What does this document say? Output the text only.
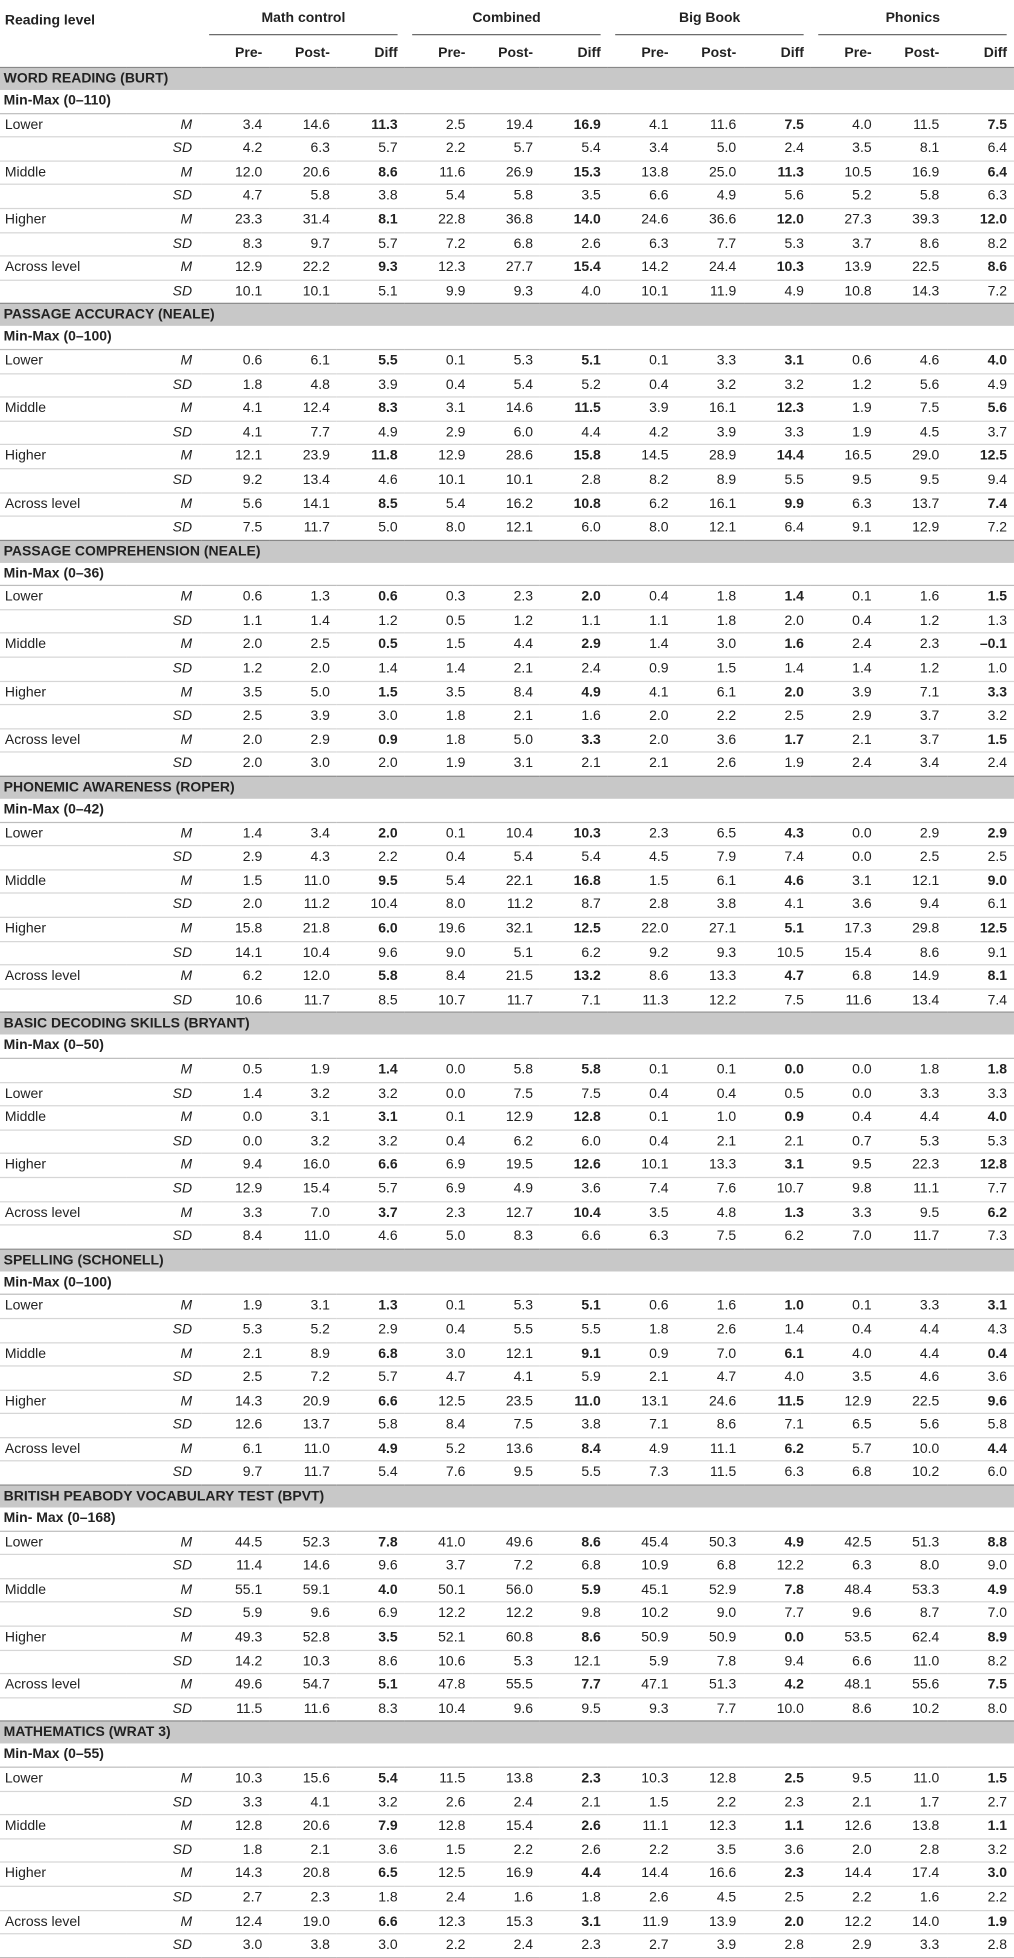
Reading level		Math control			Combined			Big Book			Phonics		

		Pre-	Post-	Diff	Pre-	Post-	Diff	Pre-	Post-	Diff	Pre-	Post-	Diff
WORD READING (BURT)													
Min-Max (0–110)													
Lower	M	3.4	14.6	11.3	2.5	19.4	16.9	4.1	11.6	7.5	4.0	11.5	7.5
	SD	4.2	6.3	5.7	2.2	5.7	5.4	3.4	5.0	2.4	3.5	8.1	6.4
Middle	M	12.0	20.6	8.6	11.6	26.9	15.3	13.8	25.0	11.3	10.5	16.9	6.4
	SD	4.7	5.8	3.8	5.4	5.8	3.5	6.6	4.9	5.6	5.2	5.8	6.3
Higher	M	23.3	31.4	8.1	22.8	36.8	14.0	24.6	36.6	12.0	27.3	39.3	12.0
	SD	8.3	9.7	5.7	7.2	6.8	2.6	6.3	7.7	5.3	3.7	8.6	8.2
Across level	M	12.9	22.2	9.3	12.3	27.7	15.4	14.2	24.4	10.3	13.9	22.5	8.6
	SD	10.1	10.1	5.1	9.9	9.3	4.0	10.1	11.9	4.9	10.8	14.3	7.2
PASSAGE ACCURACY (NEALE)													
Min-Max (0–100)													
Lower	M	0.6	6.1	5.5	0.1	5.3	5.1	0.1	3.3	3.1	0.6	4.6	4.0
	SD	1.8	4.8	3.9	0.4	5.4	5.2	0.4	3.2	3.2	1.2	5.6	4.9
Middle	M	4.1	12.4	8.3	3.1	14.6	11.5	3.9	16.1	12.3	1.9	7.5	5.6
	SD	4.1	7.7	4.9	2.9	6.0	4.4	4.2	3.9	3.3	1.9	4.5	3.7
Higher	M	12.1	23.9	11.8	12.9	28.6	15.8	14.5	28.9	14.4	16.5	29.0	12.5
	SD	9.2	13.4	4.6	10.1	10.1	2.8	8.2	8.9	5.5	9.5	9.5	9.4
Across level	M	5.6	14.1	8.5	5.4	16.2	10.8	6.2	16.1	9.9	6.3	13.7	7.4
	SD	7.5	11.7	5.0	8.0	12.1	6.0	8.0	12.1	6.4	9.1	12.9	7.2
PASSAGE COMPREHENSION (NEALE)													
Min-Max (0–36)													
Lower	M	0.6	1.3	0.6	0.3	2.3	2.0	0.4	1.8	1.4	0.1	1.6	1.5
	SD	1.1	1.4	1.2	0.5	1.2	1.1	1.1	1.8	2.0	0.4	1.2	1.3
Middle	M	2.0	2.5	0.5	1.5	4.4	2.9	1.4	3.0	1.6	2.4	2.3	–0.1
	SD	1.2	2.0	1.4	1.4	2.1	2.4	0.9	1.5	1.4	1.4	1.2	1.0
Higher	M	3.5	5.0	1.5	3.5	8.4	4.9	4.1	6.1	2.0	3.9	7.1	3.3
	SD	2.5	3.9	3.0	1.8	2.1	1.6	2.0	2.2	2.5	2.9	3.7	3.2
Across level	M	2.0	2.9	0.9	1.8	5.0	3.3	2.0	3.6	1.7	2.1	3.7	1.5
	SD	2.0	3.0	2.0	1.9	3.1	2.1	2.1	2.6	1.9	2.4	3.4	2.4
PHONEMIC AWARENESS (ROPER)													
Min-Max (0–42)													
Lower	M	1.4	3.4	2.0	0.1	10.4	10.3	2.3	6.5	4.3	0.0	2.9	2.9
	SD	2.9	4.3	2.2	0.4	5.4	5.4	4.5	7.9	7.4	0.0	2.5	2.5
Middle	M	1.5	11.0	9.5	5.4	22.1	16.8	1.5	6.1	4.6	3.1	12.1	9.0
	SD	2.0	11.2	10.4	8.0	11.2	8.7	2.8	3.8	4.1	3.6	9.4	6.1
Higher	M	15.8	21.8	6.0	19.6	32.1	12.5	22.0	27.1	5.1	17.3	29.8	12.5
	SD	14.1	10.4	9.6	9.0	5.1	6.2	9.2	9.3	10.5	15.4	8.6	9.1
Across level	M	6.2	12.0	5.8	8.4	21.5	13.2	8.6	13.3	4.7	6.8	14.9	8.1
	SD	10.6	11.7	8.5	10.7	11.7	7.1	11.3	12.2	7.5	11.6	13.4	7.4
BASIC DECODING SKILLS (BRYANT)													
Min-Max (0–50)													
	M	0.5	1.9	1.4	0.0	5.8	5.8	0.1	0.1	0.0	0.0	1.8	1.8
Lower	SD	1.4	3.2	3.2	0.0	7.5	7.5	0.4	0.4	0.5	0.0	3.3	3.3
Middle	M	0.0	3.1	3.1	0.1	12.9	12.8	0.1	1.0	0.9	0.4	4.4	4.0
	SD	0.0	3.2	3.2	0.4	6.2	6.0	0.4	2.1	2.1	0.7	5.3	5.3
Higher	M	9.4	16.0	6.6	6.9	19.5	12.6	10.1	13.3	3.1	9.5	22.3	12.8
	SD	12.9	15.4	5.7	6.9	4.9	3.6	7.4	7.6	10.7	9.8	11.1	7.7
Across level	M	3.3	7.0	3.7	2.3	12.7	10.4	3.5	4.8	1.3	3.3	9.5	6.2
	SD	8.4	11.0	4.6	5.0	8.3	6.6	6.3	7.5	6.2	7.0	11.7	7.3
SPELLING (SCHONELL)													
Min-Max (0–100)													
Lower	M	1.9	3.1	1.3	0.1	5.3	5.1	0.6	1.6	1.0	0.1	3.3	3.1
	SD	5.3	5.2	2.9	0.4	5.5	5.5	1.8	2.6	1.4	0.4	4.4	4.3
Middle	M	2.1	8.9	6.8	3.0	12.1	9.1	0.9	7.0	6.1	4.0	4.4	0.4
	SD	2.5	7.2	5.7	4.7	4.1	5.9	2.1	4.7	4.0	3.5	4.6	3.6
Higher	M	14.3	20.9	6.6	12.5	23.5	11.0	13.1	24.6	11.5	12.9	22.5	9.6
	SD	12.6	13.7	5.8	8.4	7.5	3.8	7.1	8.6	7.1	6.5	5.6	5.8
Across level	M	6.1	11.0	4.9	5.2	13.6	8.4	4.9	11.1	6.2	5.7	10.0	4.4
	SD	9.7	11.7	5.4	7.6	9.5	5.5	7.3	11.5	6.3	6.8	10.2	6.0
BRITISH PEABODY VOCABULARY TEST (BPVT)													
Min- Max (0–168)													
Lower	M	44.5	52.3	7.8	41.0	49.6	8.6	45.4	50.3	4.9	42.5	51.3	8.8
	SD	11.4	14.6	9.6	3.7	7.2	6.8	10.9	6.8	12.2	6.3	8.0	9.0
Middle	M	55.1	59.1	4.0	50.1	56.0	5.9	45.1	52.9	7.8	48.4	53.3	4.9
	SD	5.9	9.6	6.9	12.2	12.2	9.8	10.2	9.0	7.7	9.6	8.7	7.0
Higher	M	49.3	52.8	3.5	52.1	60.8	8.6	50.9	50.9	0.0	53.5	62.4	8.9
	SD	14.2	10.3	8.6	10.6	5.3	12.1	5.9	7.8	9.4	6.6	11.0	8.2
Across level	M	49.6	54.7	5.1	47.8	55.5	7.7	47.1	51.3	4.2	48.1	55.6	7.5
	SD	11.5	11.6	8.3	10.4	9.6	9.5	9.3	7.7	10.0	8.6	10.2	8.0
MATHEMATICS (WRAT 3)													
Min-Max (0–55)													
Lower	M	10.3	15.6	5.4	11.5	13.8	2.3	10.3	12.8	2.5	9.5	11.0	1.5
	SD	3.3	4.1	3.2	2.6	2.4	2.1	1.5	2.2	2.3	2.1	1.7	2.7
Middle	M	12.8	20.6	7.9	12.8	15.4	2.6	11.1	12.3	1.1	12.6	13.8	1.1
	SD	1.8	2.1	3.6	1.5	2.2	2.6	2.2	3.5	3.6	2.0	2.8	3.2
Higher	M	14.3	20.8	6.5	12.5	16.9	4.4	14.4	16.6	2.3	14.4	17.4	3.0
	SD	2.7	2.3	1.8	2.4	1.6	1.8	2.6	4.5	2.5	2.2	1.6	2.2
Across level	M	12.4	19.0	6.6	12.3	15.3	3.1	11.9	13.9	2.0	12.2	14.0	1.9
	SD	3.0	3.8	3.0	2.2	2.4	2.3	2.7	3.9	2.8	2.9	3.3	2.8
